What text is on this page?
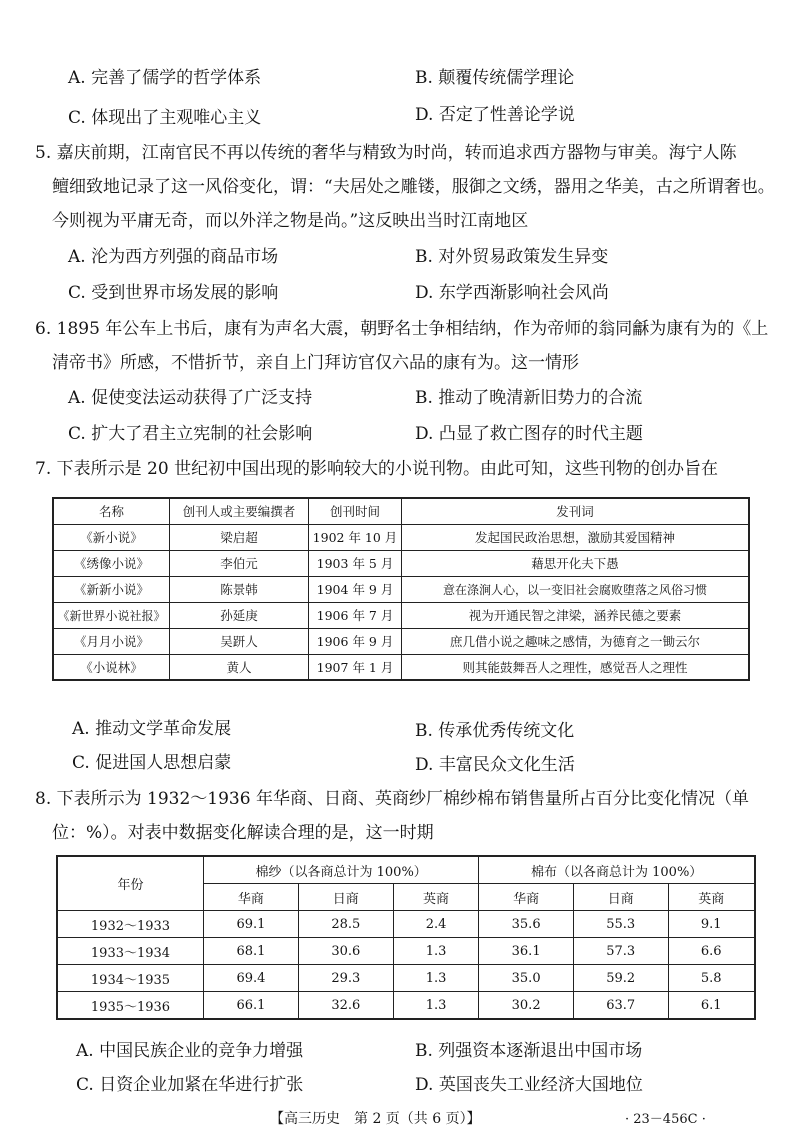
A. 完善了儒学的哲学体系	B. 颠覆传统儒学理论
C. 体现出了主观唯心主义	D. 否定了性善论学说
5. 嘉庆前期，江南官民不再以传统的奢华与精致为时尚，转而追求西方器物与审美。海宁人陈
鳣细致地记录了这一风俗变化，谓：“夫居处之雕镂，服御之文绣，器用之华美，古之所谓奢也。
今则视为平庸无奇，而以外洋之物是尚。”这反映出当时江南地区
A. 沦为西方列强的商品市场	B. 对外贸易政策发生异变
C. 受到世界市场发展的影响	D. 东学西渐影响社会风尚
6. 1895 年公车上书后，康有为声名大震，朝野名士争相结纳，作为帝师的翁同龢为康有为的《上
清帝书》所感，不惜折节，亲自上门拜访官仅六品的康有为。这一情形
A. 促使变法运动获得了广泛支持	B. 推动了晚清新旧势力的合流
C. 扩大了君主立宪制的社会影响	D. 凸显了救亡图存的时代主题
7. 下表所示是 20 世纪初中国出现的影响较大的小说刊物。由此可知，这些刊物的创办旨在
名称	创刊人或主要编撰者	创刊时间	发刊词
《新小说》	梁启超	1902 年 10 月	发起国民政治思想，激励其爱国精神
《绣像小说》	李伯元	1903 年 5 月	藉思开化夫下愚
《新新小说》	陈景韩	1904 年 9 月	意在涤涧人心，以一变旧社会腐败堕落之风俗习惯
《新世界小说社报》	孙延庚	1906 年 7 月	视为开通民智之津梁，涵养民德之要素
《月月小说》	吴趼人	1906 年 9 月	庶几借小说之趣味之感情，为德育之一锄云尔
《小说林》	黄人	1907 年 1 月	则其能鼓舞吾人之理性，感觉吾人之理性
A. 推动文学革命发展	B. 传承优秀传统文化
C. 促进国人思想启蒙	D. 丰富民众文化生活
8. 下表所示为 1932～1936 年华商、日商、英商纱厂棉纱棉布销售量所占百分比变化情况（单
位：%）。对表中数据变化解读合理的是，这一时期
年份	棉纱（以各商总计为 100%）			棉布（以各商总计为 100%）		
	华商	日商	英商	华商	日商	英商
1932～1933	69.1	28.5	2.4	35.6	55.3	9.1
1933～1934	68.1	30.6	1.3	36.1	57.3	6.6
1934～1935	69.4	29.3	1.3	35.0	59.2	5.8
1935～1936	66.1	32.6	1.3	30.2	63.7	6.1
A. 中国民族企业的竞争力增强	B. 列强资本逐渐退出中国市场
C. 日资企业加紧在华进行扩张	D. 英国丧失工业经济大国地位
【高三历史　第 2 页（共 6 页）】	· 23－456C ·
